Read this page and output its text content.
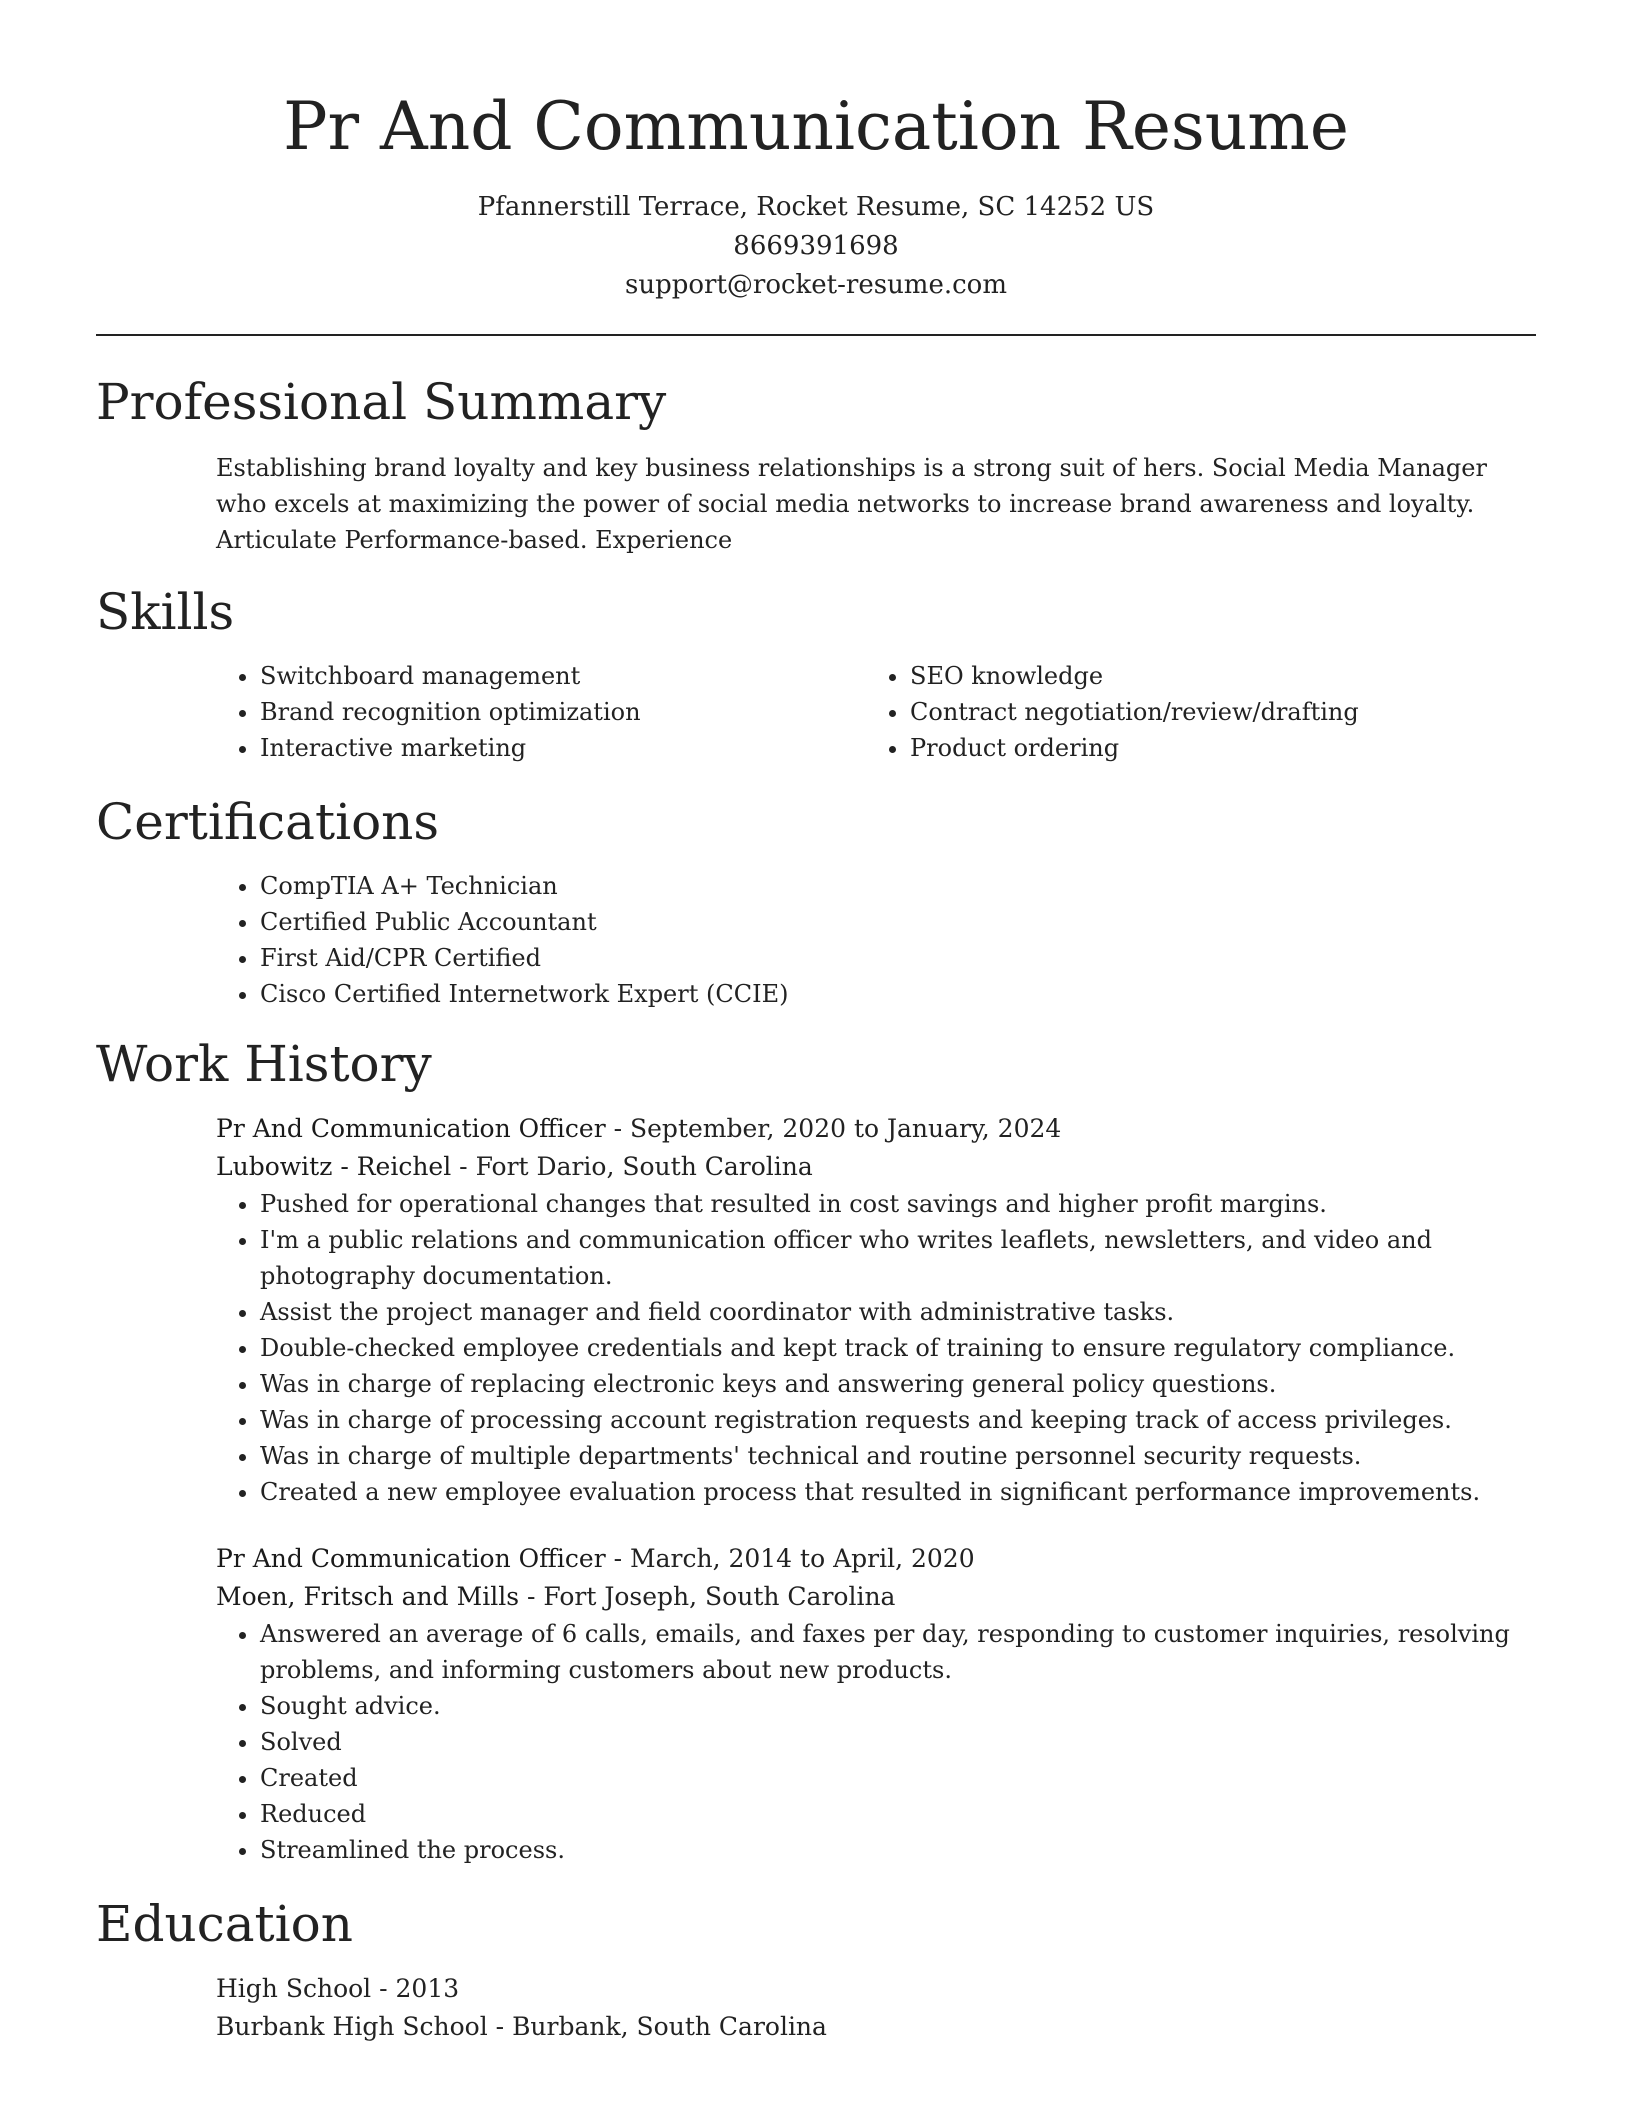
Pr And Communication Resume
Pfannerstill Terrace, Rocket Resume, SC 14252 US
8669391698
support@rocket-resume.com
Professional Summary

Establishing brand loyalty and key business relationships is a strong suit of hers. Social Media Manager who excels at maximizing the power of social media networks to increase brand awareness and loyalty. Articulate Performance-based. Experience

Skills
• Switchboard management
• Brand recognition optimization
• Interactive marketing
• SEO knowledge
• Contract negotiation/review/drafting
• Product ordering
Certifications
• CompTIA A+ Technician
• Certified Public Accountant
• First Aid/CPR Certified
• Cisco Certified Internetwork Expert (CCIE)
Work History
Pr And Communication Officer - September, 2020 to January, 2024
Lubowitz - Reichel - Fort Dario, South Carolina
• Pushed for operational changes that resulted in cost savings and higher profit margins.
• I'm a public relations and communication officer who writes leaflets, newsletters, and video and photography documentation.
• Assist the project manager and field coordinator with administrative tasks.
• Double-checked employee credentials and kept track of training to ensure regulatory compliance.
• Was in charge of replacing electronic keys and answering general policy questions.
• Was in charge of processing account registration requests and keeping track of access privileges.
• Was in charge of multiple departments' technical and routine personnel security requests.
• Created a new employee evaluation process that resulted in significant performance improvements.
Pr And Communication Officer - March, 2014 to April, 2020
Moen, Fritsch and Mills - Fort Joseph, South Carolina
• Answered an average of 6 calls, emails, and faxes per day, responding to customer inquiries, resolving problems, and informing customers about new products.
• Sought advice.
• Solved
• Created
• Reduced
• Streamlined the process.
Education
High School - 2013
Burbank High School - Burbank, South Carolina
